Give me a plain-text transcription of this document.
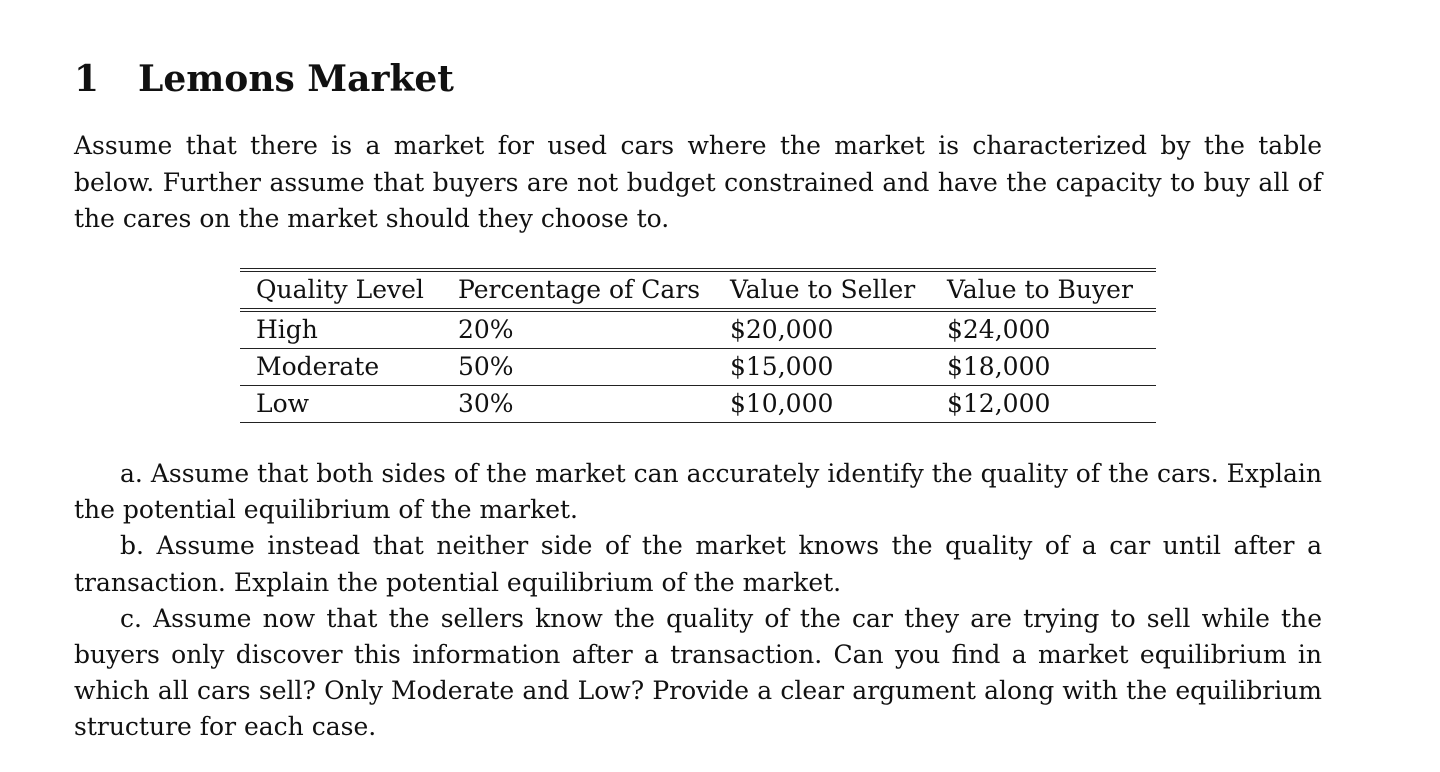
1 Lemons Market

Assume that there is a market for used cars where the market is characterized by the table below. Further assume that buyers are not budget constrained and have the capacity to buy all of the cares on the market should they choose to.

Quality Level	Percentage of Cars	Value to Seller	Value to Buyer
High	20%	$20,000	$24,000
Moderate	50%	$15,000	$18,000
Low	30%	$10,000	$12,000

a. Assume that both sides of the market can accurately identify the quality of the cars. Explain the potential equilibrium of the market.

b. Assume instead that neither side of the market knows the quality of a car until after a transaction. Explain the potential equilibrium of the market.

c. Assume now that the sellers know the quality of the car they are trying to sell while the buyers only discover this information after a transaction. Can you find a market equilibrium in which all cars sell? Only Moderate and Low? Provide a clear argument along with the equilibrium structure for each case.
